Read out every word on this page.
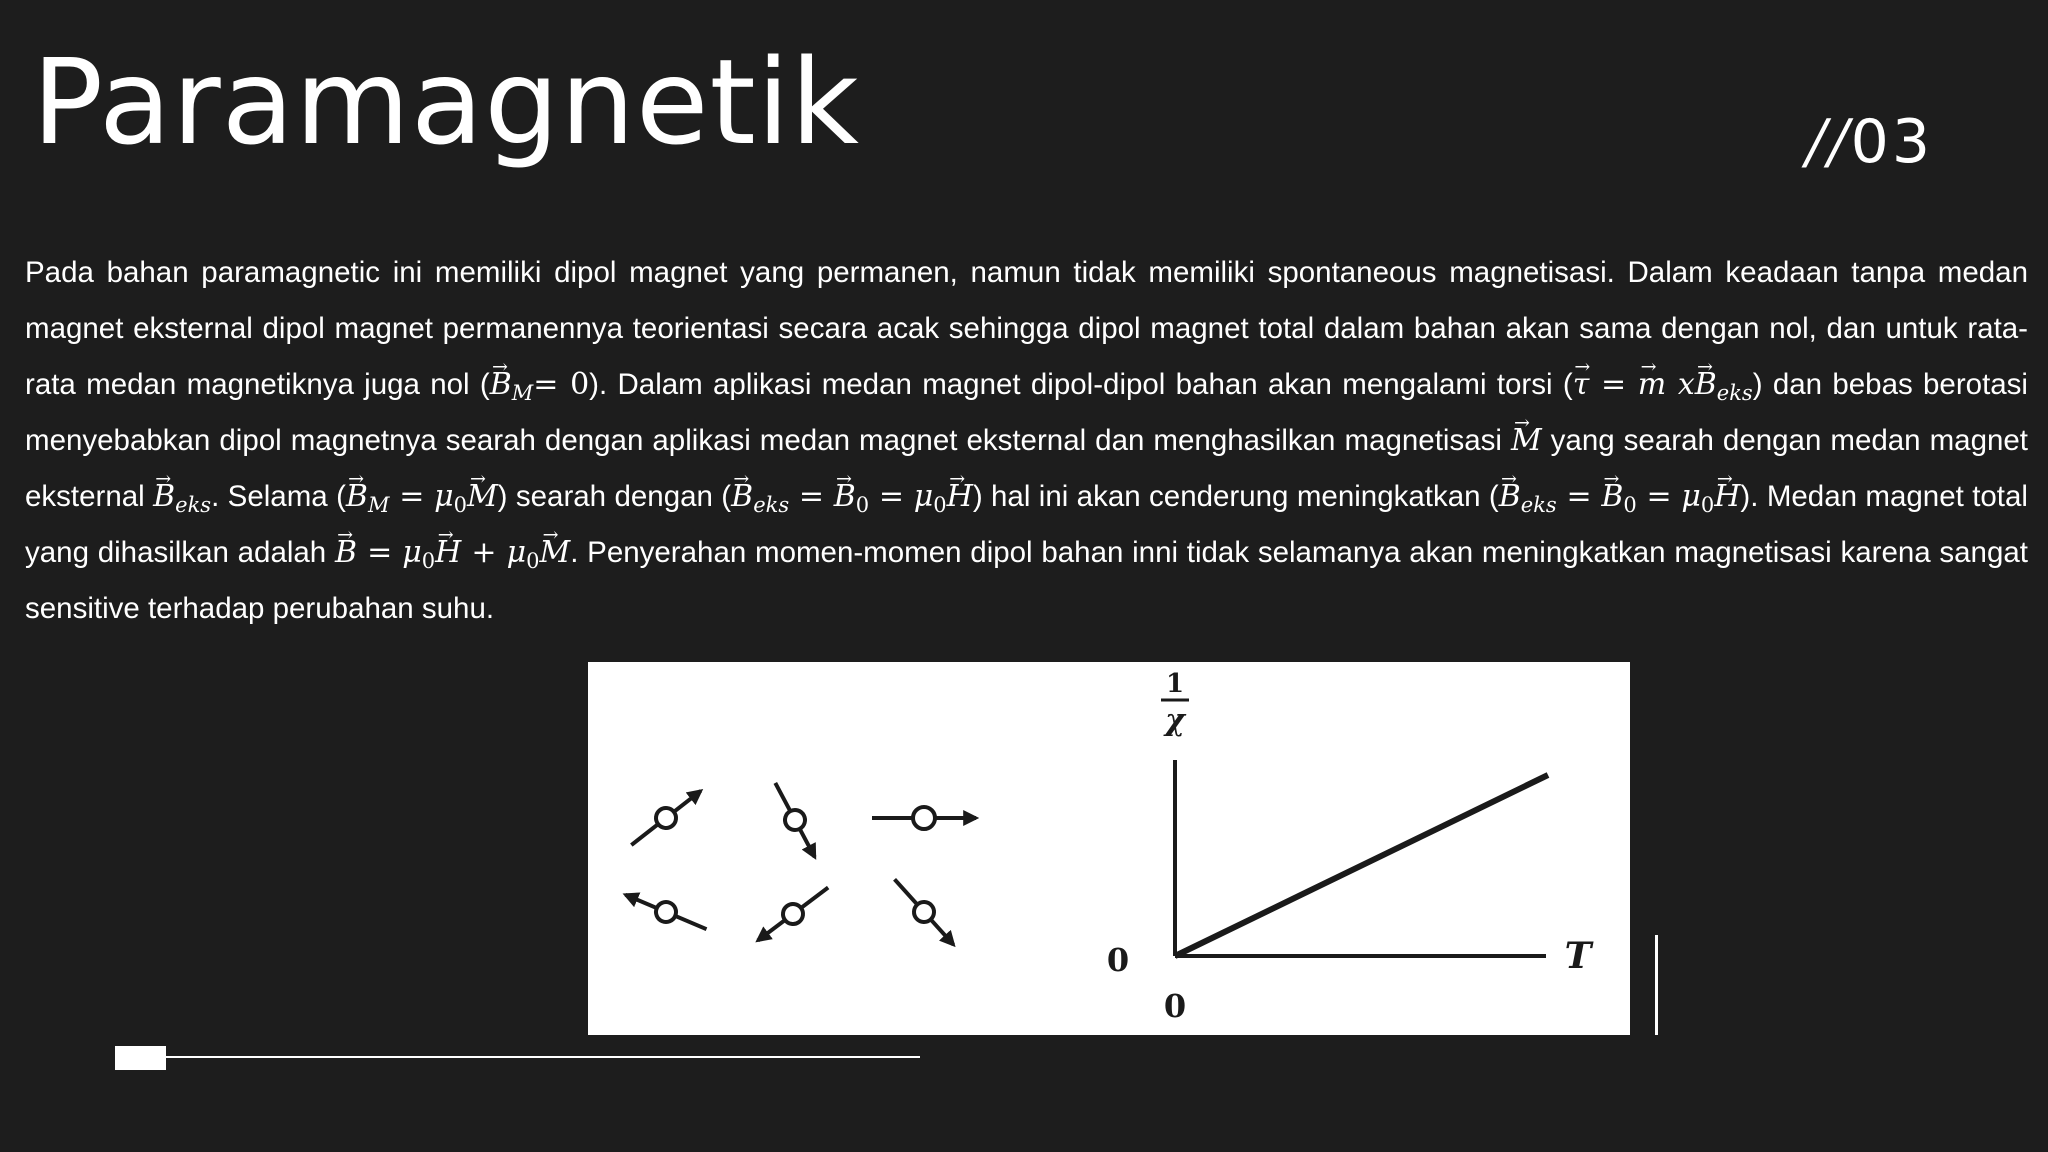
Paramagnetik	//03
Pada bahan paramagnetic ini memiliki dipol magnet yang permanen, namun tidak memiliki spontaneous magnetisasi. Dalam keadaan tanpa medan magnet eksternal dipol magnet permanennya teorientasi secara acak sehingga dipol magnet total dalam bahan akan sama dengan nol, dan untuk rata-rata medan magnetiknya juga nol (→ $B_M= 0$). Dalam aplikasi medan magnet dipol-dipol bahan akan mengalami torsi (→ τ = → m $x\to B_{eks}$) dan bebas berotasi menyebabkan dipol magnetnya searah dengan aplikasi medan magnet eksternal dan menghasilkan magnetisasi → M yang searah dengan medan magnet eksternal → $B_{eks}$. Selama (→ $B_M = \mu_0\to M$) searah dengan (→ $B_{eks}$ = → $B_0 = \mu_0\to H$) hal ini akan cenderung meningkatkan (→ $B_{eks}$ = → $B_0 = \mu_0\to H$). Medan magnet total yang dihasilkan adalah → $B = \mu_0\to H + \mu_0\to M$. Penyerahan momen-momen dipol bahan inni tidak selamanya akan meningkatkan magnetisasi karena sangat sensitive terhadap perubahan suhu.
1
χ
T
0
0
